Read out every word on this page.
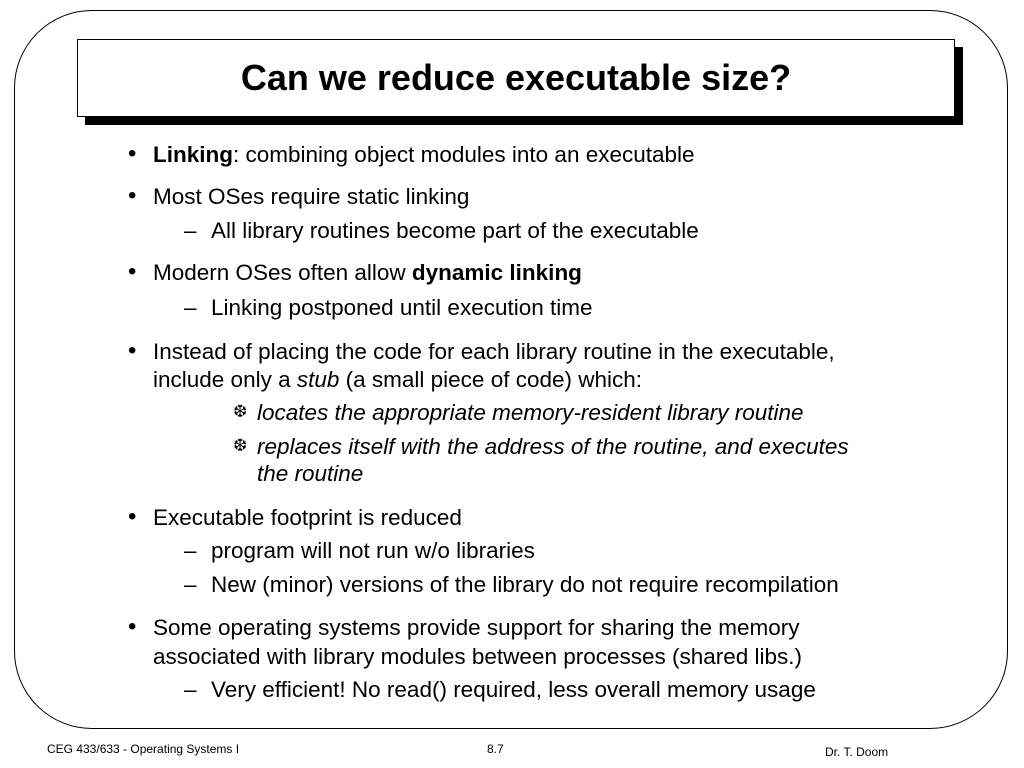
Can we reduce executable size?
• Linking: combining object modules into an executable
• Most OSes require static linking
– All library routines become part of the executable
• Modern OSes often allow dynamic linking
– Linking postponed until execution time
• Instead of placing the code for each library routine in the executable,
include only a stub (a small piece of code) which:
❆ locates the appropriate memory-resident library routine
❆ replaces itself with the address of the routine, and executes
the routine
• Executable footprint is reduced
– program will not run w/o libraries
– New (minor) versions of the library do not require recompilation
• Some operating systems provide support for sharing the memory
associated with library modules between processes (shared libs.)
– Very efficient! No read() required, less overall memory usage
CEG 433/633 - Operating Systems I	8.7	Dr. T. Doom
